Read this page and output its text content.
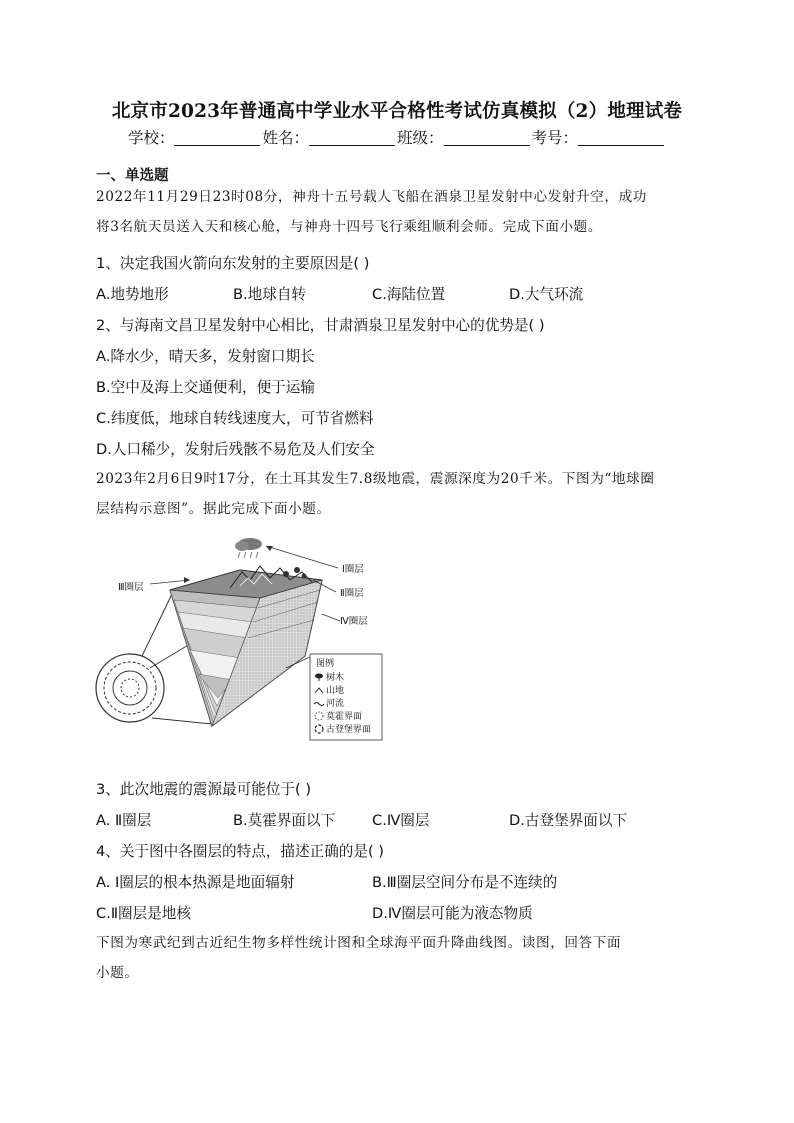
北京市2023年普通高中学业水平合格性考试仿真模拟（2）地理试卷
学校：	姓名：	班级：	考号：
一、单选题
2022年11月29日23时08分，神舟十五号载人飞船在酒泉卫星发射中心发射升空，成功
将3名航天员送入天和核心舱，与神舟十四号飞行乘组顺利会师。完成下面小题。
1、决定我国火箭向东发射的主要原因是( )
A.地势地形	B.地球自转	C.海陆位置	D.大气环流
2、与海南文昌卫星发射中心相比，甘肃酒泉卫星发射中心的优势是( )
A.降水少，晴天多，发射窗口期长
B.空中及海上交通便利，便于运输
C.纬度低，地球自转线速度大，可节省燃料
D.人口稀少，发射后残骸不易危及人们安全
2023年2月6日9时17分，在土耳其发生7.8级地震，震源深度为20千米。下图为“地球圈
层结构示意图”。据此完成下面小题。
Ⅰ圈层
Ⅱ圈层
Ⅲ圈层
Ⅳ圈层
图例
树木
山地
河流
莫霍界面
古登堡界面
3、此次地震的震源最可能位于( )
A. Ⅱ圈层	B.莫霍界面以下	C.Ⅳ圈层	D.古登堡界面以下
4、关于图中各圈层的特点，描述正确的是( )
A. Ⅰ圈层的根本热源是地面辐射	B.Ⅲ圈层空间分布是不连续的
C.Ⅱ圈层是地核	D.Ⅳ圈层可能为液态物质
下图为寒武纪到古近纪生物多样性统计图和全球海平面升降曲线图。读图，回答下面
小题。
